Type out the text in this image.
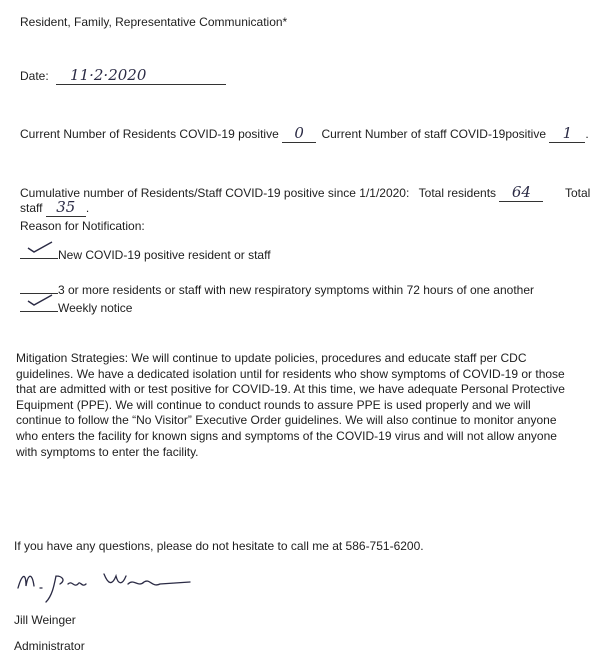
Resident, Family, Representative Communication*
Date: 11·2·2020
Current Number of Residents COVID-19 positive 0 Current Number of staff COVID-19positive 1 .
Cumulative number of Residents/Staff COVID-19 positive since 1/1/2020: Total residents 64	Total
staff 35 .
Reason for Notification:
New COVID-19 positive resident or staff
3 or more residents or staff with new respiratory symptoms within 72 hours of one another
Weekly notice
Mitigation Strategies: We will continue to update policies, procedures and educate staff per CDC
guidelines. We have a dedicated isolation until for residents who show symptoms of COVID-19 or those
that are admitted with or test positive for COVID-19. At this time, we have adequate Personal Protective
Equipment (PPE). We will continue to conduct rounds to assure PPE is used properly and we will
continue to follow the “No Visitor” Executive Order guidelines. We will also continue to monitor anyone
who enters the facility for known signs and symptoms of the COVID-19 virus and will not allow anyone
with symptoms to enter the facility.
If you have any questions, please do not hesitate to call me at 586-751-6200.
Jill Weinger
Administrator
